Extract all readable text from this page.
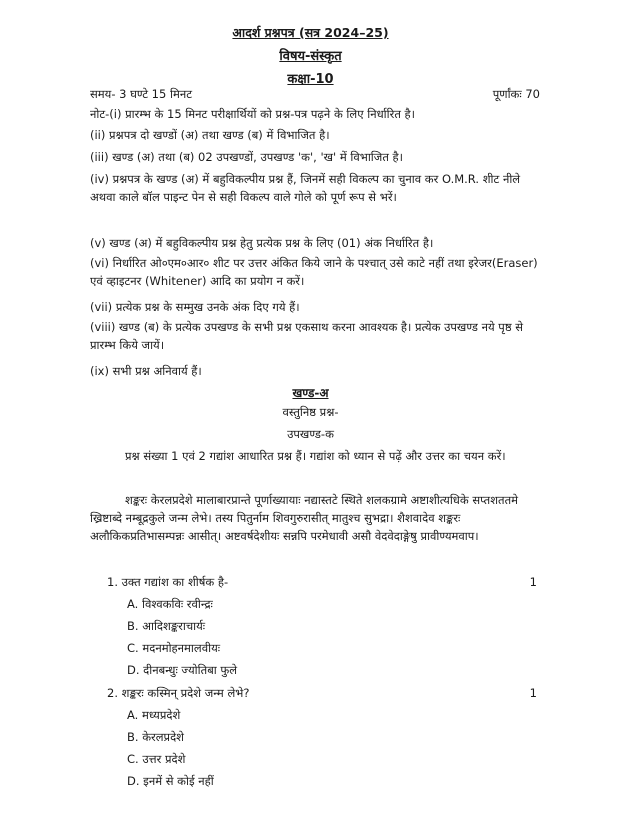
आदर्श प्रश्नपत्र (सत्र 2024–25)
विषय-संस्कृत
कक्षा-10
समय- 3 घण्टे 15 मिनट	पूर्णांकः 70
नोट-(i) प्रारम्भ के 15 मिनट परीक्षार्थियों को प्रश्न-पत्र पढ़ने के लिए निर्धारित है।
(ii) प्रश्नपत्र दो खण्डों (अ) तथा खण्ड (ब) में विभाजित है।
(iii) खण्ड (अ) तथा (ब) 02 उपखण्डों, उपखण्ड 'क', 'ख' में विभाजित है।
(iv) प्रश्नपत्र के खण्ड (अ) में बहुविकल्पीय प्रश्न हैं, जिनमें सही विकल्प का चुनाव कर O.M.R. शीट नीले अथवा काले बॉल पाइन्ट पेन से सही विकल्प वाले गोले को पूर्ण रूप से भरें।
(v) खण्ड (अ) में बहुविकल्पीय प्रश्न हेतु प्रत्येक प्रश्न के लिए (01) अंक निर्धारित है।
(vi) निर्धारित ओ०एम०आर० शीट पर उत्तर अंकित किये जाने के पश्चात् उसे काटे नहीं तथा इरेजर(Eraser) एवं व्हाइटनर (Whitener) आदि का प्रयोग न करें।
(vii) प्रत्येक प्रश्न के सम्मुख उनके अंक दिए गये हैं।
(viii) खण्ड (ब) के प्रत्येक उपखण्ड के सभी प्रश्न एकसाथ करना आवश्यक है। प्रत्येक उपखण्ड नये पृष्ठ से प्रारम्भ किये जायें।
(ix) सभी प्रश्न अनिवार्य हैं।
खण्ड-अ
वस्तुनिष्ठ प्रश्न-
उपखण्ड-क
प्रश्न संख्या 1 एवं 2 गद्यांश आधारित प्रश्न हैं। गद्यांश को ध्यान से पढ़ें और उत्तर का चयन करें।
शङ्करः केरलप्रदेशे मालाबारप्रान्ते पूर्णाख्यायाः नद्यास्तटे स्थिते शलकग्रामे अष्टाशीत्यधिके सप्तशततमे ख्रिष्टाब्दे नम्बूद्रकुले जन्म लेभे। तस्य पितुर्नाम शिवगुरुरासीत् मातुश्च सुभद्रा। शैशवादेव शङ्करः अलौकिकप्रतिभासम्पन्नः आसीत्। अष्टवर्षदेशीयः सन्नपि परमेधावी असौ वेदवेदाङ्गेषु प्रावीण्यमवाप।
1. उक्त गद्यांश का शीर्षक है-	1
A. विश्वकविः रवीन्द्रः
B. आदिशङ्कराचार्यः
C. मदनमोहनमालवीयः
D. दीनबन्धुः ज्योतिबा फुले
2. शङ्करः कस्मिन् प्रदेशे जन्म लेभे?	1
A. मध्यप्रदेशे
B. केरलप्रदेशे
C. उत्तर प्रदेशे
D. इनमें से कोई नहीं
